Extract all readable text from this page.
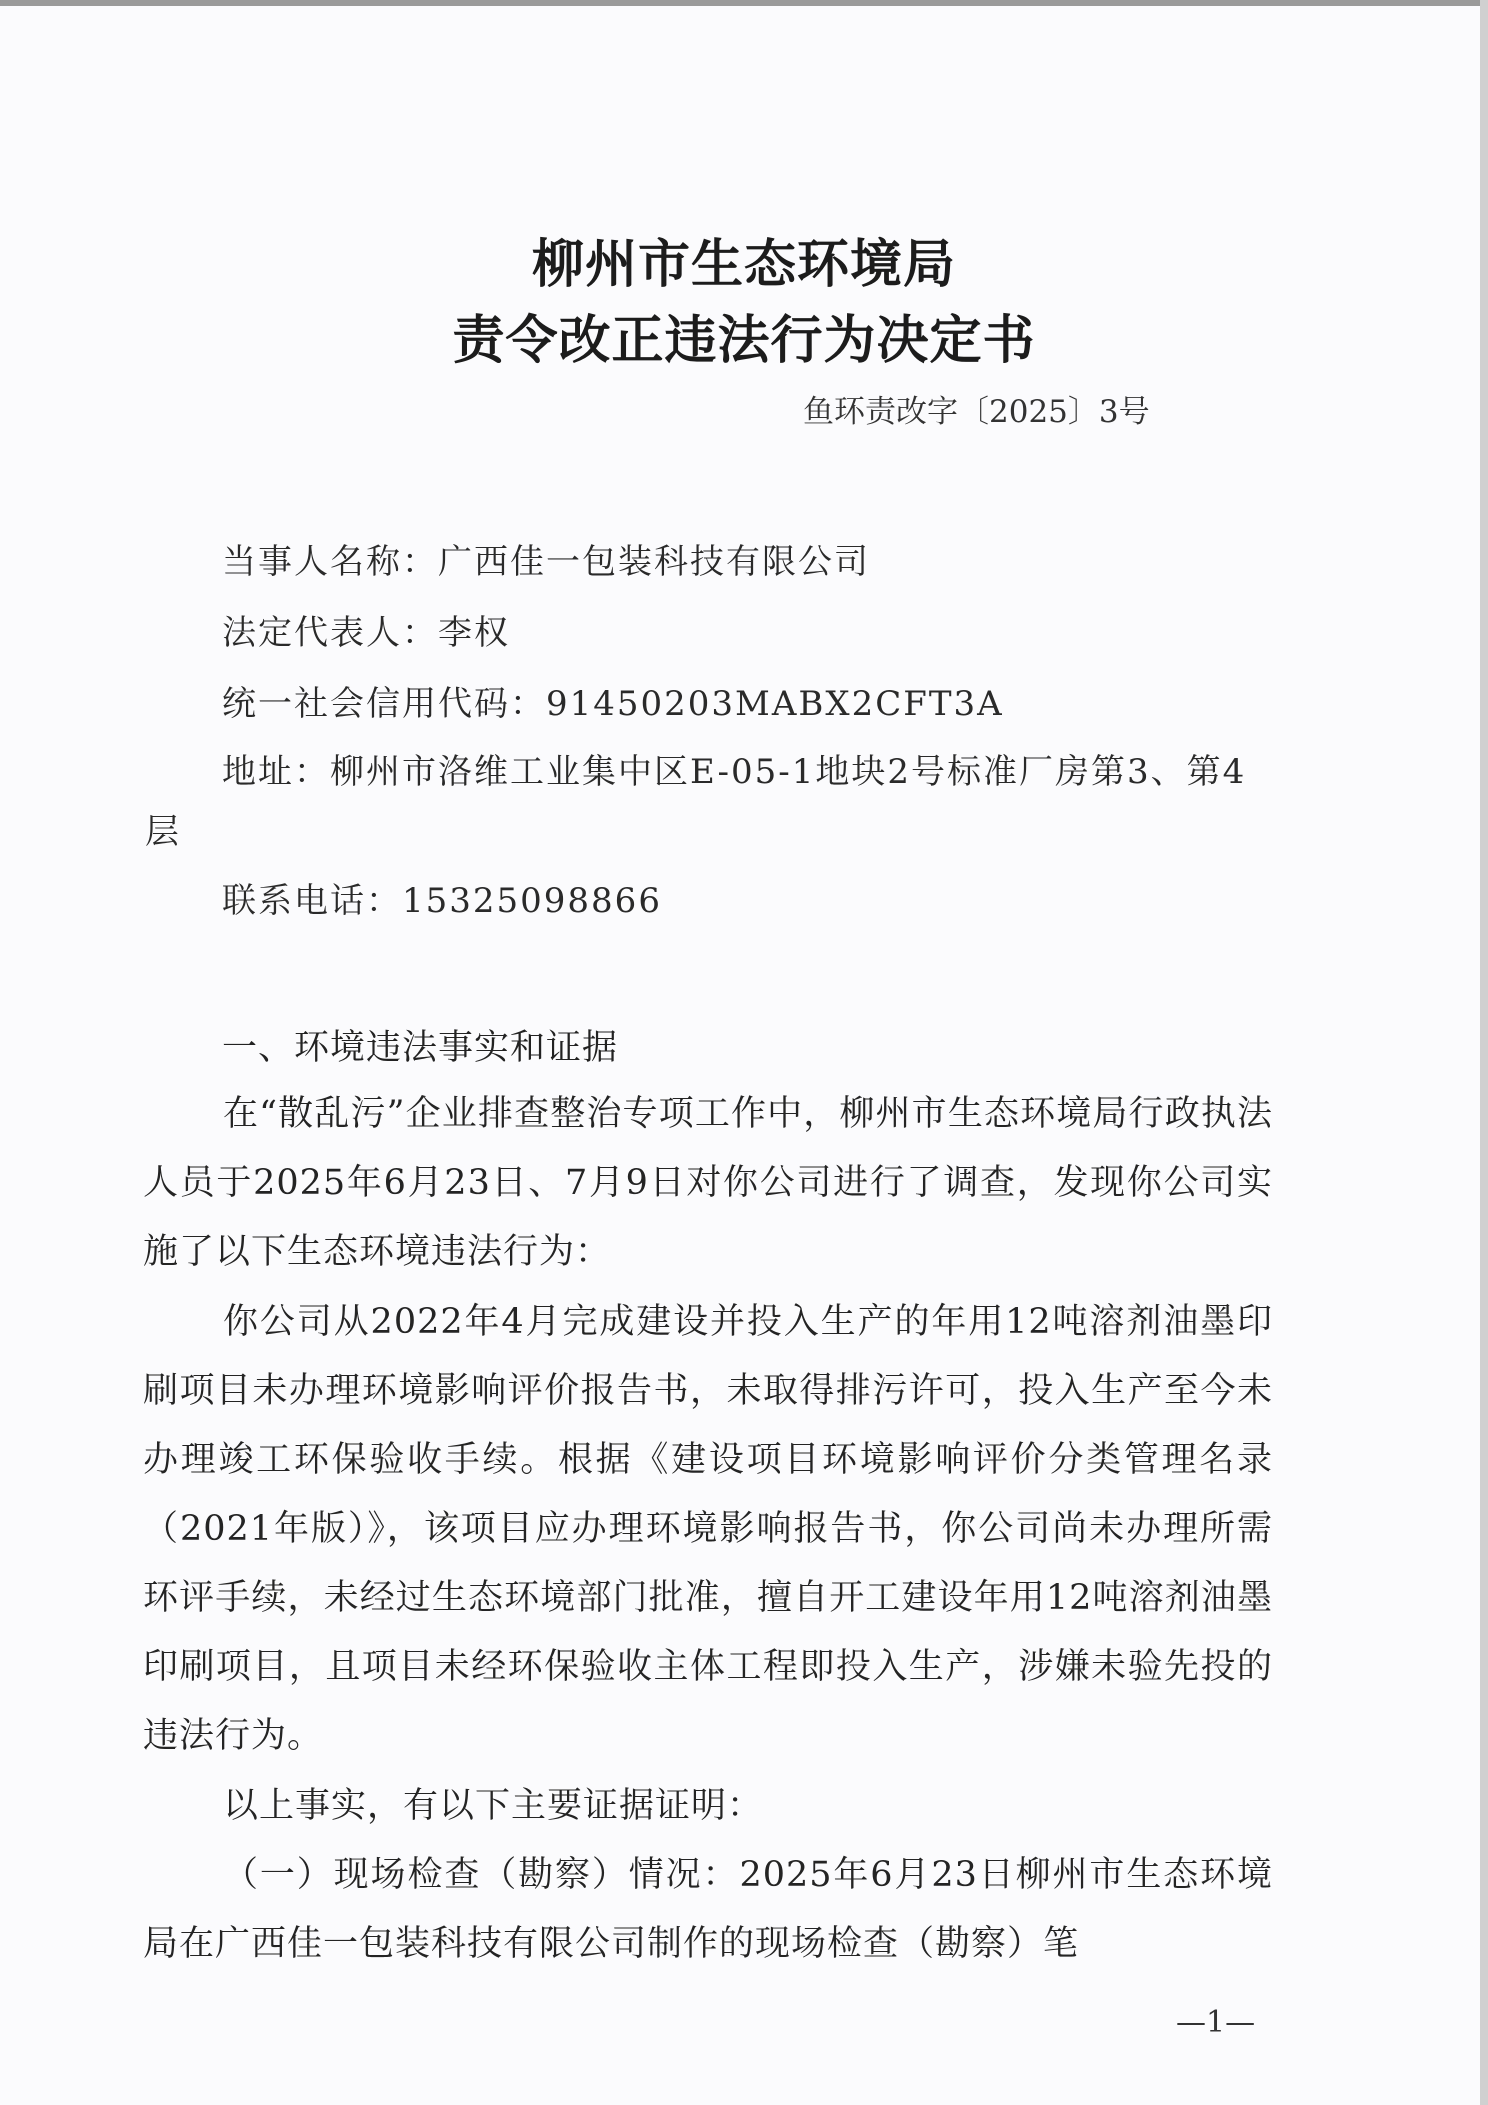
柳州市生态环境局
责令改正违法行为决定书
鱼环责改字〔2025〕3号
当事人名称：广西佳一包装科技有限公司
法定代表人：李权
统一社会信用代码：91450203MABX2CFT3A
地址：柳州市洛维工业集中区E-05-1地块2号标准厂房第3、第4
层
联系电话：15325098866
一、环境违法事实和证据
在“散乱污”企业排查整治专项工作中，柳州市生态环境局行政执法人员于2025年6月23日、7月9日对你公司进行了调查，发现你公司实施了以下生态环境违法行为：
你公司从2022年4月完成建设并投入生产的年用12吨溶剂油墨印刷项目未办理环境影响评价报告书，未取得排污许可，投入生产至今未办理竣工环保验收手续。根据《建设项目环境影响评价分类管理名录（2021年版）》，该项目应办理环境影响报告书，你公司尚未办理所需环评手续，未经过生态环境部门批准，擅自开工建设年用12吨溶剂油墨印刷项目，且项目未经环保验收主体工程即投入生产，涉嫌未验先投的违法行为。
以上事实，有以下主要证据证明：
（一）现场检查（勘察）情况：2025年6月23日柳州市生态环境局在广西佳一包装科技有限公司制作的现场检查（勘察）笔
—1—
